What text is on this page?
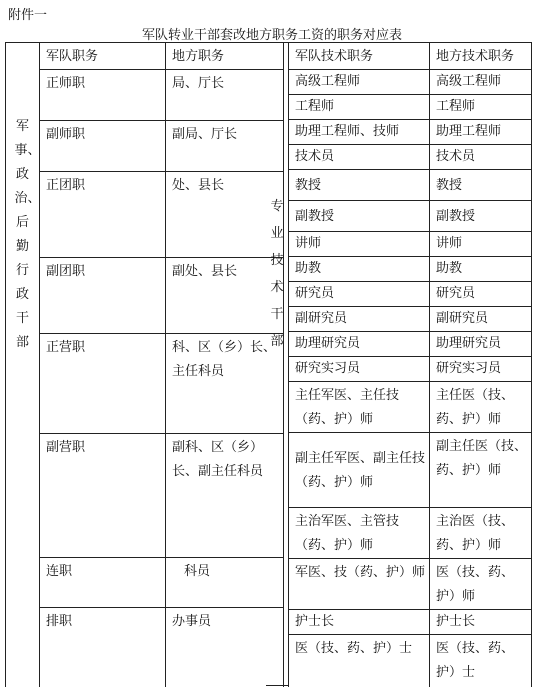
附件一
军队转业干部套改地方职务工资的职务对应表
军事、政治、后勤行政干部	军队职务	地方职务
	正师职	局、厅长
	副师职	副局、厅长
	正团职	处、县长
	副团职	副处、县长
	正营职	科、区（乡）长、主任科员
	副营职	副科、区（乡）长、副主任科员
	连职	科员
	排职	办事员
专业技术干部
军队技术职务	地方技术职务
高级工程师	高级工程师
工程师	工程师
助理工程师、技师	助理工程师
技术员	技术员
教授	教授
副教授	副教授
讲师	讲师
助教	助教
研究员	研究员
副研究员	副研究员
助理研究员	助理研究员
研究实习员	研究实习员
主任军医、主任技（药、护）师	主任医（技、药、护）师
副主任军医、副主任技（药、护）师	副主任医（技、药、护）师
主治军医、主管技（药、护）师	主治医（技、药、护）师
军医、技（药、护）师	医（技、药、护）师
护士长	护士长
医（技、药、护）士	医（技、药、护）士
